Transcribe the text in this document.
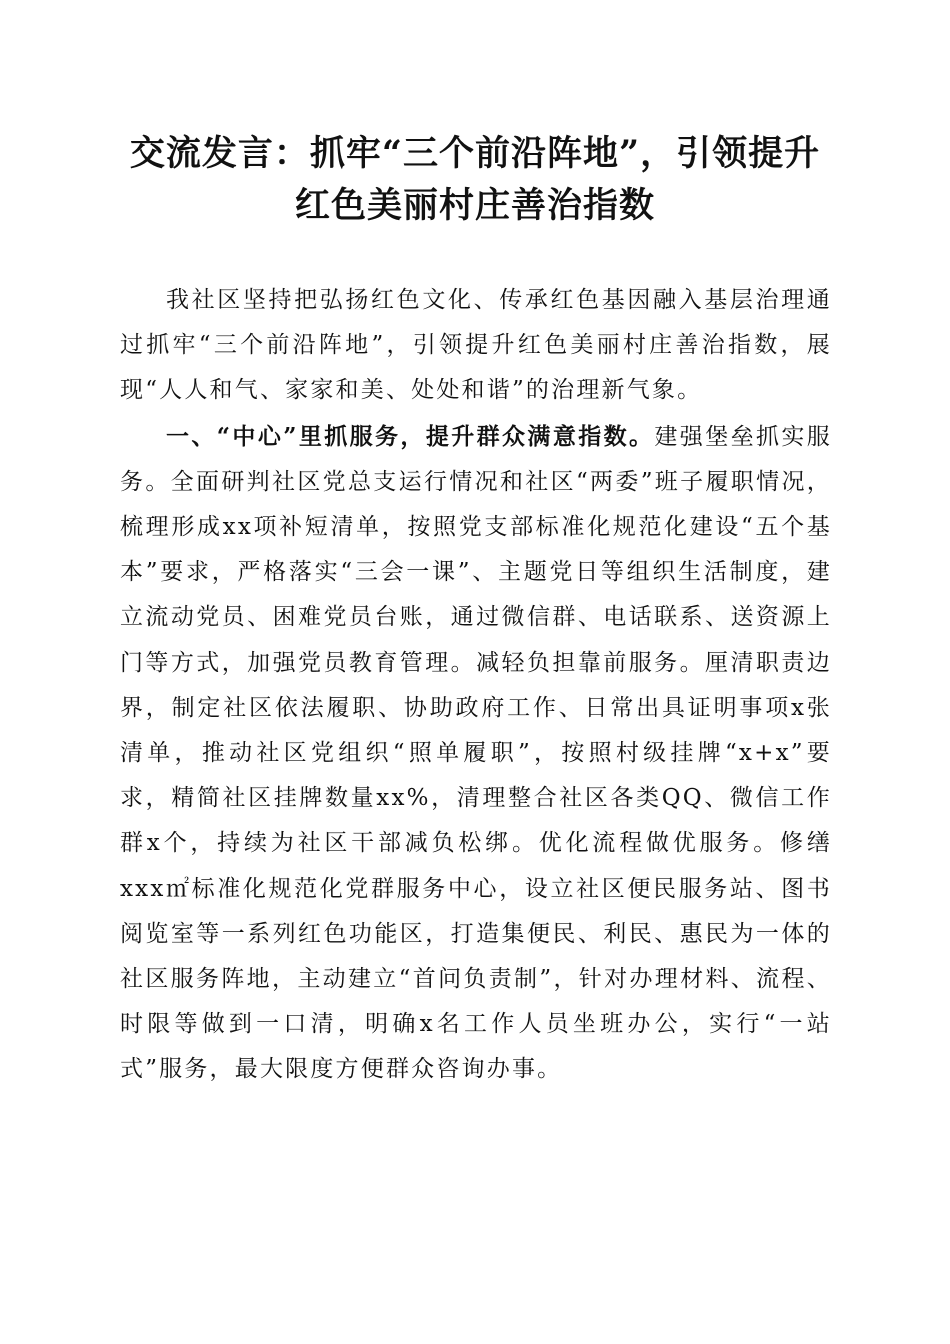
交流发言：抓牢“三个前沿阵地”，引领提升
红色美丽村庄善治指数

我社区坚持把弘扬红色文化、传承红色基因融入基层治理通过抓牢“三个前沿阵地”，引领提升红色美丽村庄善治指数，展现“人人和气、家家和美、处处和谐”的治理新气象。

一、“中心”里抓服务，提升群众满意指数。建强堡垒抓实服务。全面研判社区党总支运行情况和社区“两委”班子履职情况，梳理形成xx项补短清单，按照党支部标准化规范化建设“五个基本”要求，严格落实“三会一课”、主题党日等组织生活制度，建立流动党员、困难党员台账，通过微信群、电话联系、送资源上门等方式，加强党员教育管理。减轻负担靠前服务。厘清职责边界，制定社区依法履职、协助政府工作、日常出具证明事项x张清单，推动社区党组织“照单履职”，按照村级挂牌“x+x”要求，精简社区挂牌数量xx%，清理整合社区各类QQ、微信工作群x个，持续为社区干部减负松绑。优化流程做优服务。修缮xxx㎡标准化规范化党群服务中心，设立社区便民服务站、图书阅览室等一系列红色功能区，打造集便民、利民、惠民为一体的社区服务阵地，主动建立“首问负责制”，针对办理材料、流程、时限等做到一口清，明确x名工作人员坐班办公，实行“一站式”服务，最大限度方便群众咨询办事。
